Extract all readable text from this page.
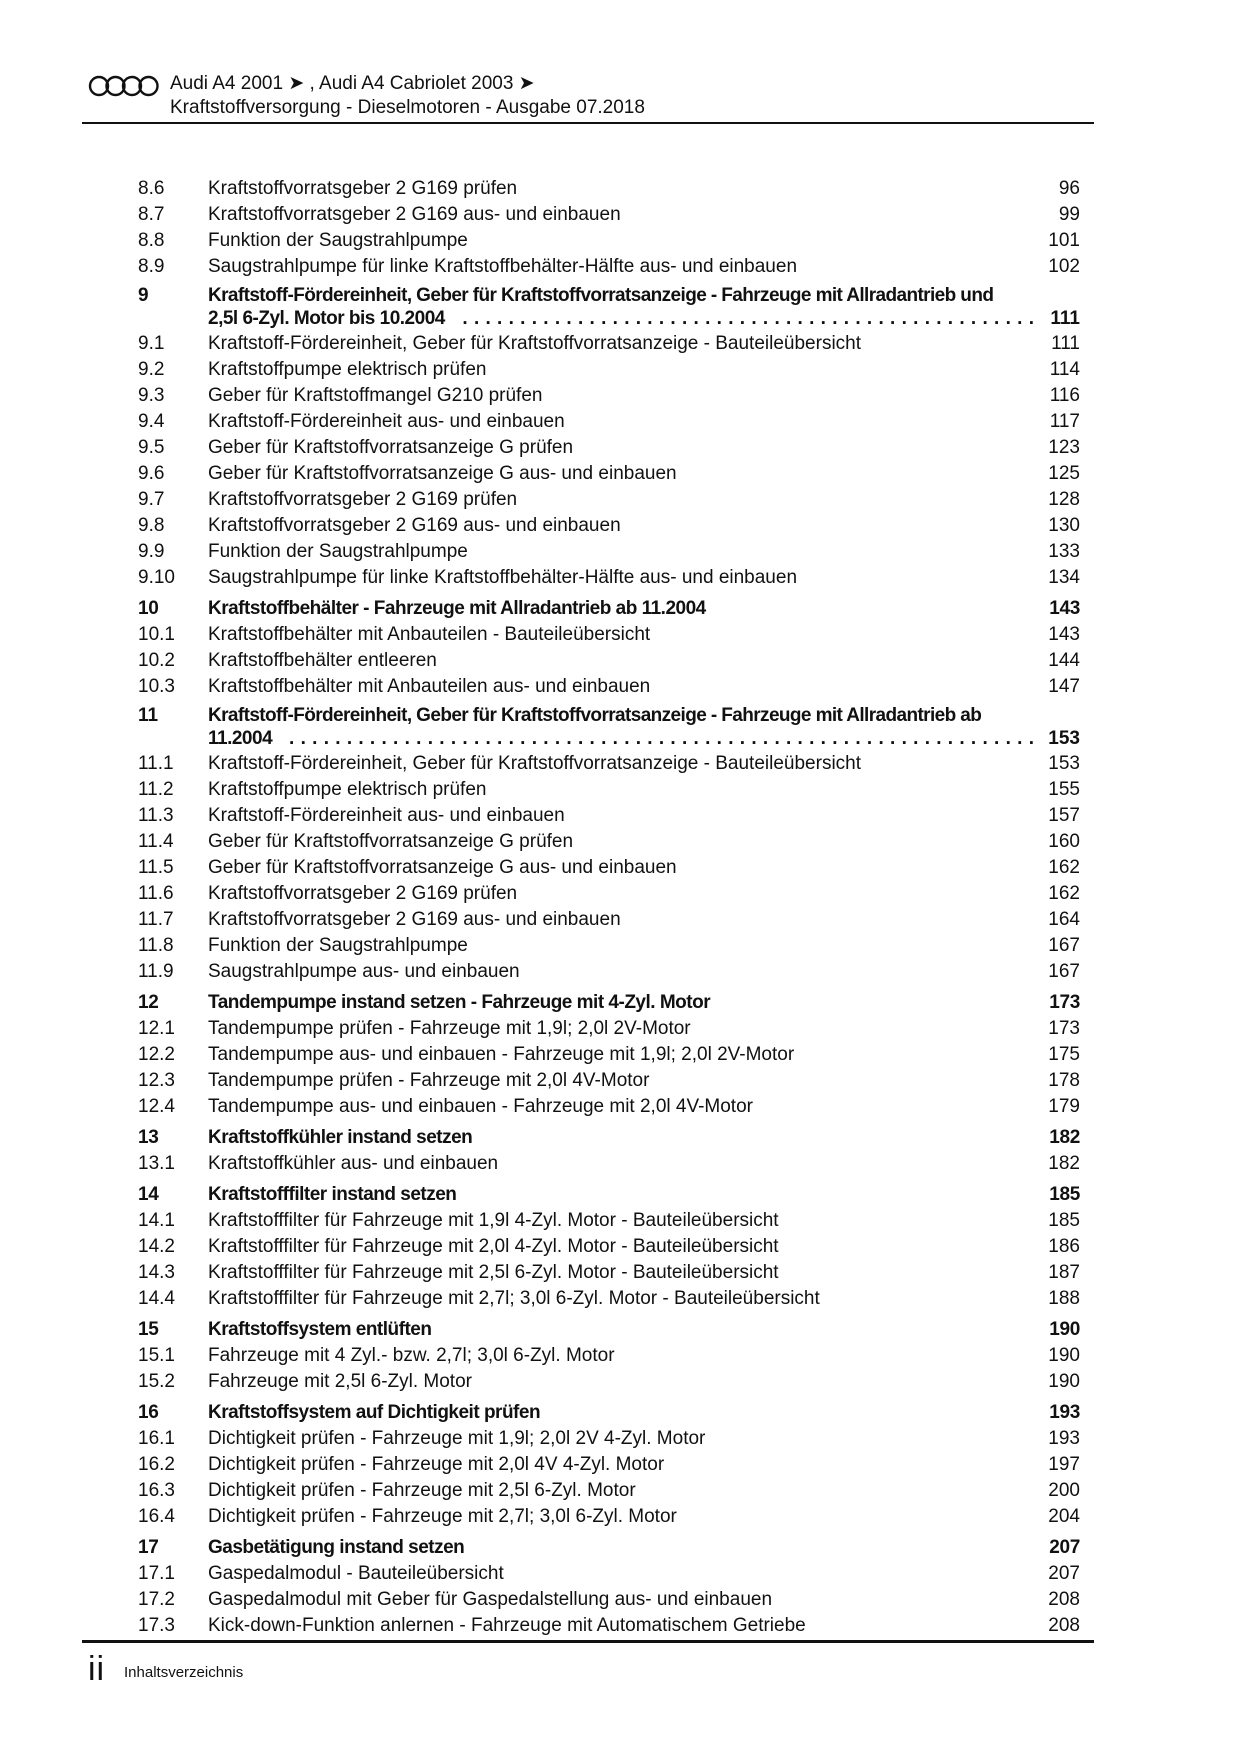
Audi A4 2001 ➤ , Audi A4 Cabriolet 2003 ➤
Kraftstoffversorgung - Dieselmotoren - Ausgabe 07.2018
8.6	Kraftstoffvorratsgeber 2 G169 prüfen	96
8.7	Kraftstoffvorratsgeber 2 G169 aus- und einbauen	99
8.8	Funktion der Saugstrahlpumpe	101
8.9	Saugstrahlpumpe für linke Kraftstoffbehälter-Hälfte aus- und einbauen	102
9	Kraftstoff-Fördereinheit, Geber für Kraftstoffvorratsanzeige - Fahrzeuge mit Allradantrieb und
2,5l 6-Zyl. Motor bis 10.2004 . . .	111
9.1	Kraftstoff-Fördereinheit, Geber für Kraftstoffvorratsanzeige - Bauteileübersicht	111
9.2	Kraftstoffpumpe elektrisch prüfen	114
9.3	Geber für Kraftstoffmangel G210 prüfen	116
9.4	Kraftstoff-Fördereinheit aus- und einbauen	117
9.5	Geber für Kraftstoffvorratsanzeige G prüfen	123
9.6	Geber für Kraftstoffvorratsanzeige G aus- und einbauen	125
9.7	Kraftstoffvorratsgeber 2 G169 prüfen	128
9.8	Kraftstoffvorratsgeber 2 G169 aus- und einbauen	130
9.9	Funktion der Saugstrahlpumpe	133
9.10	Saugstrahlpumpe für linke Kraftstoffbehälter-Hälfte aus- und einbauen	134
10	Kraftstoffbehälter - Fahrzeuge mit Allradantrieb ab 11.2004	143
10.1	Kraftstoffbehälter mit Anbauteilen - Bauteileübersicht	143
10.2	Kraftstoffbehälter entleeren	144
10.3	Kraftstoffbehälter mit Anbauteilen aus- und einbauen	147
11	Kraftstoff-Fördereinheit, Geber für Kraftstoffvorratsanzeige - Fahrzeuge mit Allradantrieb ab
11.2004 . . .	153
11.1	Kraftstoff-Fördereinheit, Geber für Kraftstoffvorratsanzeige - Bauteileübersicht	153
11.2	Kraftstoffpumpe elektrisch prüfen	155
11.3	Kraftstoff-Fördereinheit aus- und einbauen	157
11.4	Geber für Kraftstoffvorratsanzeige G prüfen	160
11.5	Geber für Kraftstoffvorratsanzeige G aus- und einbauen	162
11.6	Kraftstoffvorratsgeber 2 G169 prüfen	162
11.7	Kraftstoffvorratsgeber 2 G169 aus- und einbauen	164
11.8	Funktion der Saugstrahlpumpe	167
11.9	Saugstrahlpumpe aus- und einbauen	167
12	Tandempumpe instand setzen - Fahrzeuge mit 4-Zyl. Motor	173
12.1	Tandempumpe prüfen - Fahrzeuge mit 1,9l; 2,0l 2V-Motor	173
12.2	Tandempumpe aus- und einbauen - Fahrzeuge mit 1,9l; 2,0l 2V-Motor	175
12.3	Tandempumpe prüfen - Fahrzeuge mit 2,0l 4V-Motor	178
12.4	Tandempumpe aus- und einbauen - Fahrzeuge mit 2,0l 4V-Motor	179
13	Kraftstoffkühler instand setzen	182
13.1	Kraftstoffkühler aus- und einbauen	182
14	Kraftstofffilter instand setzen	185
14.1	Kraftstofffilter für Fahrzeuge mit 1,9l 4-Zyl. Motor - Bauteileübersicht	185
14.2	Kraftstofffilter für Fahrzeuge mit 2,0l 4-Zyl. Motor - Bauteileübersicht	186
14.3	Kraftstofffilter für Fahrzeuge mit 2,5l 6-Zyl. Motor - Bauteileübersicht	187
14.4	Kraftstofffilter für Fahrzeuge mit 2,7l; 3,0l 6-Zyl. Motor - Bauteileübersicht	188
15	Kraftstoffsystem entlüften	190
15.1	Fahrzeuge mit 4 Zyl.- bzw. 2,7l; 3,0l 6-Zyl. Motor	190
15.2	Fahrzeuge mit 2,5l 6-Zyl. Motor	190
16	Kraftstoffsystem auf Dichtigkeit prüfen	193
16.1	Dichtigkeit prüfen - Fahrzeuge mit 1,9l; 2,0l 2V 4-Zyl. Motor	193
16.2	Dichtigkeit prüfen - Fahrzeuge mit 2,0l 4V 4-Zyl. Motor	197
16.3	Dichtigkeit prüfen - Fahrzeuge mit 2,5l 6-Zyl. Motor	200
16.4	Dichtigkeit prüfen - Fahrzeuge mit 2,7l; 3,0l 6-Zyl. Motor	204
17	Gasbetätigung instand setzen	207
17.1	Gaspedalmodul - Bauteileübersicht	207
17.2	Gaspedalmodul mit Geber für Gaspedalstellung aus- und einbauen	208
17.3	Kick-down-Funktion anlernen - Fahrzeuge mit Automatischem Getriebe	208
ii Inhaltsverzeichnis
